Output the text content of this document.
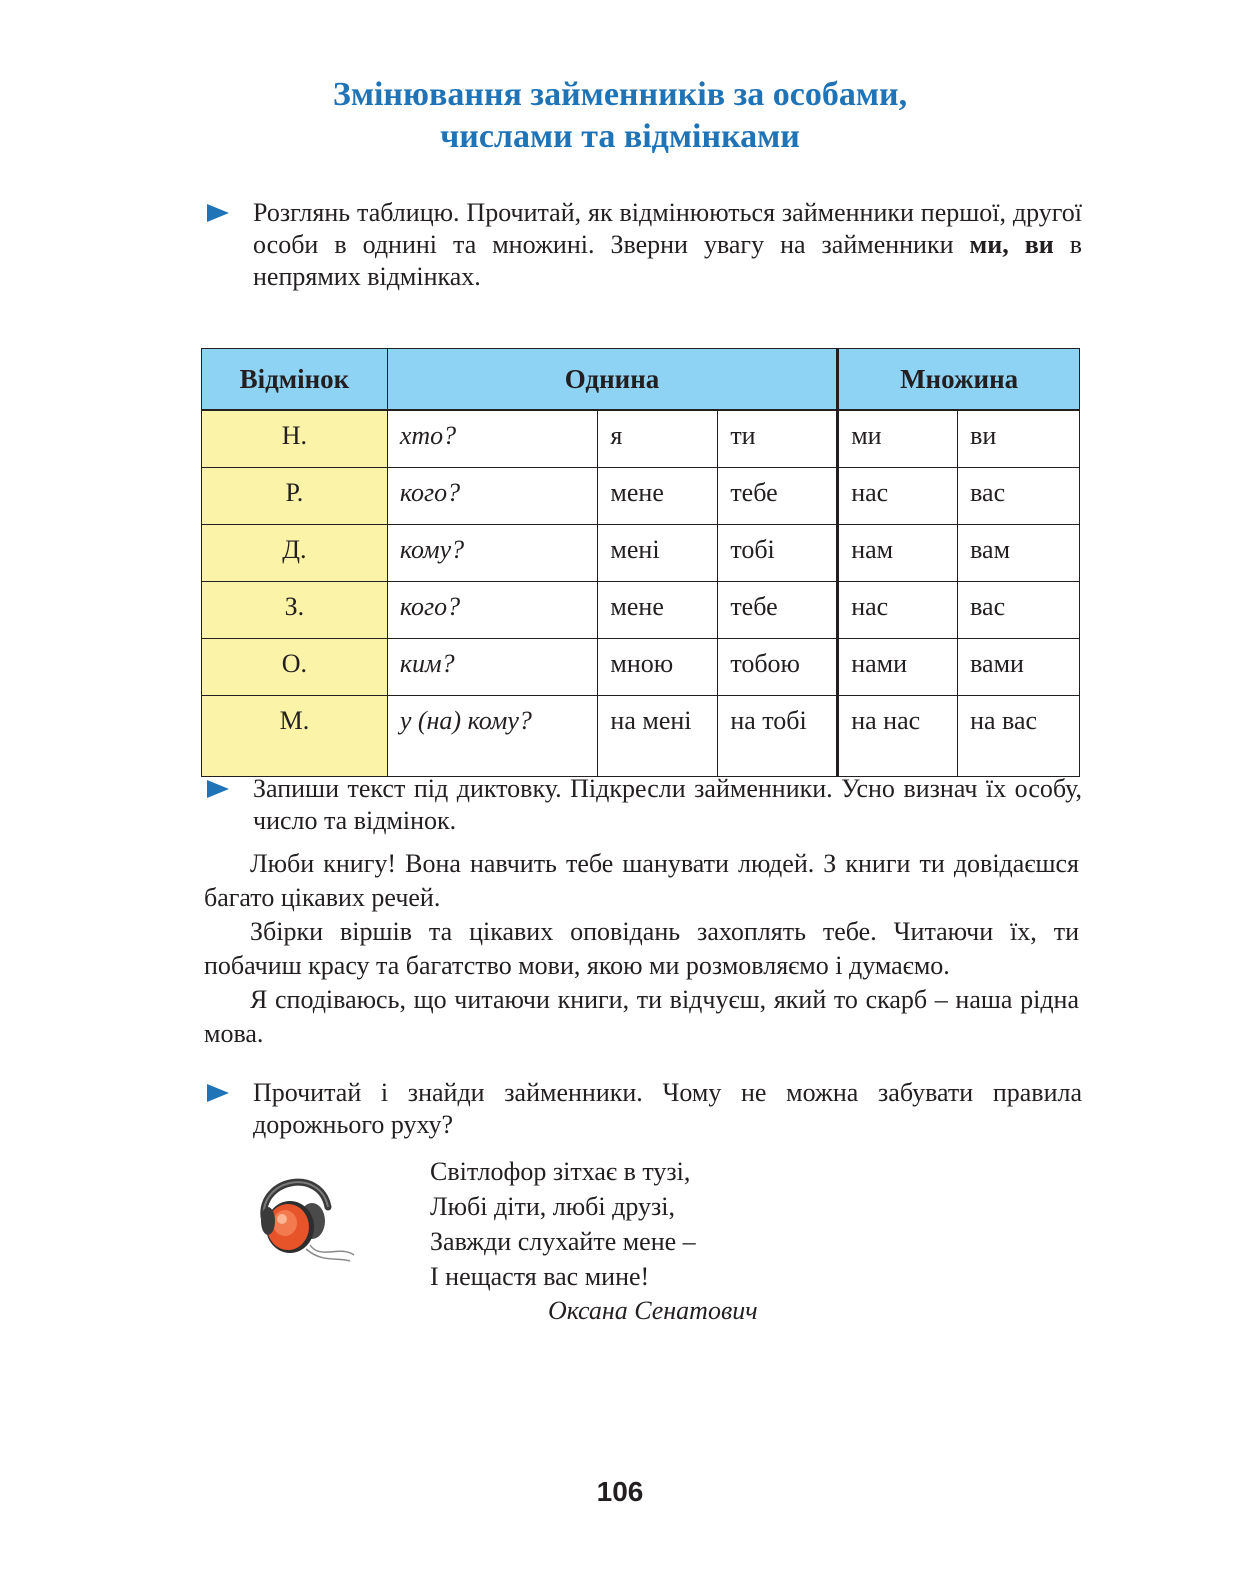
Змінювання займенників за особами,
числами та відмінками
Розглянь таблицю. Прочитай, як відмінюються займенники першої, другої особи в однині та множині. Зверни увагу на займенники ми, ви в непрямих відмінках.
Відмінок	Однина			Множина	
Н.	хто?	я	ти	ми	ви
Р.	кого?	мене	тебе	нас	вас
Д.	кому?	мені	тобі	нам	вам
З.	кого?	мене	тебе	нас	вас
О.	ким?	мною	тобою	нами	вами
М.	у (на) кому?	на мені	на тобі	на нас	на вас
Запиши текст під диктовку. Підкресли займенники. Усно визнач їх особу, число та відмінок.

Люби книгу! Вона навчить тебе шанувати людей. З книги ти довідаєшся багато цікавих речей.

Збірки віршів та цікавих оповідань захоплять тебе. Читаючи їх, ти побачиш красу та багатство мови, якою ми розмовляємо і думаємо.

Я сподіваюсь, що читаючи книги, ти відчуєш, який то скарб – наша рідна мова.

Прочитай і знайди займенники. Чому не можна забувати правила дорожнього руху?
Світлофор зітхає в тузі,
Любі діти, любі друзі,
Завжди слухайте мене –
І нещастя вас мине!
Оксана Сенатович
106
